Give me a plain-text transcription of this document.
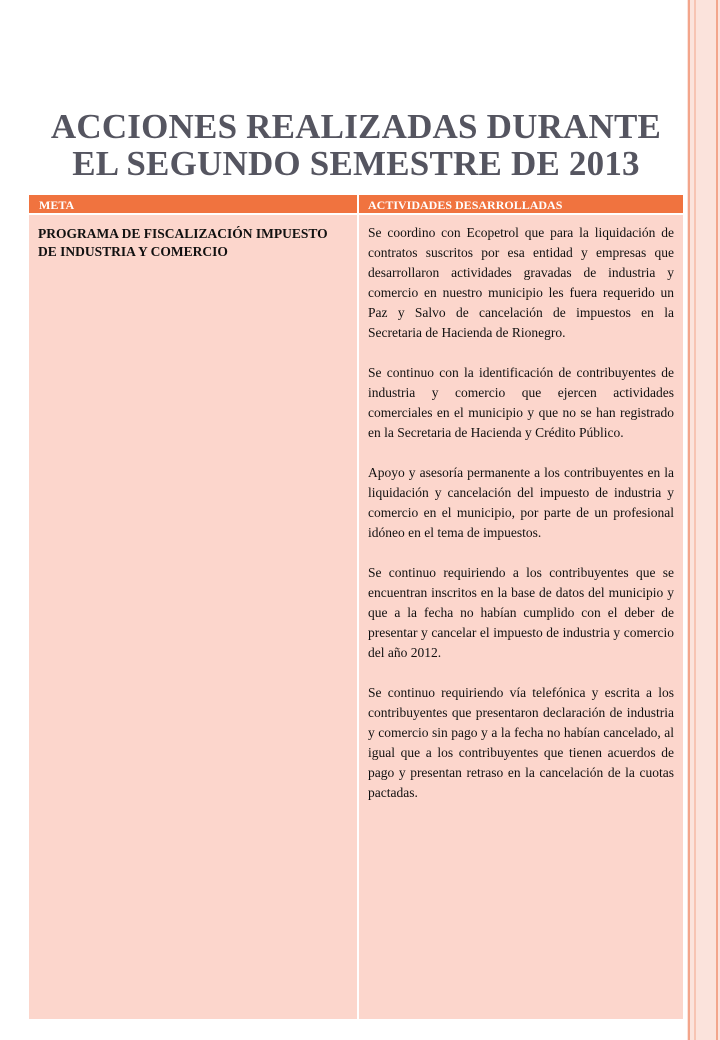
ACCIONES REALIZADAS DURANTE
EL SEGUNDO SEMESTRE DE 2013
META	ACTIVIDADES DESARROLLADAS
PROGRAMA DE FISCALIZACIÓN IMPUESTO DE INDUSTRIA Y COMERCIO

Se coordino con Ecopetrol que para la liquidación de contratos suscritos por esa entidad y empresas que desarrollaron actividades gravadas de industria y comercio en nuestro municipio les fuera requerido un Paz y Salvo de cancelación de impuestos en la Secretaria de Hacienda de Rionegro.

Se continuo con la identificación de contribuyentes de industria y comercio que ejercen actividades comerciales en el municipio y que no se han registrado en la Secretaria de Hacienda y Crédito Público.

Apoyo y asesoría permanente a los contribuyentes en la liquidación y cancelación del impuesto de industria y comercio en el municipio, por parte de un profesional idóneo en el tema de impuestos.

Se continuo requiriendo a los contribuyentes que se encuentran inscritos en la base de datos del municipio y que a la fecha no habían cumplido con el deber de presentar y cancelar el impuesto de industria y comercio del año 2012.

Se continuo requiriendo vía telefónica y escrita a los contribuyentes que presentaron declaración de industria y comercio sin pago y a la fecha no habían cancelado, al igual que a los contribuyentes que tienen acuerdos de pago y presentan retraso en la cancelación de la cuotas pactadas.
